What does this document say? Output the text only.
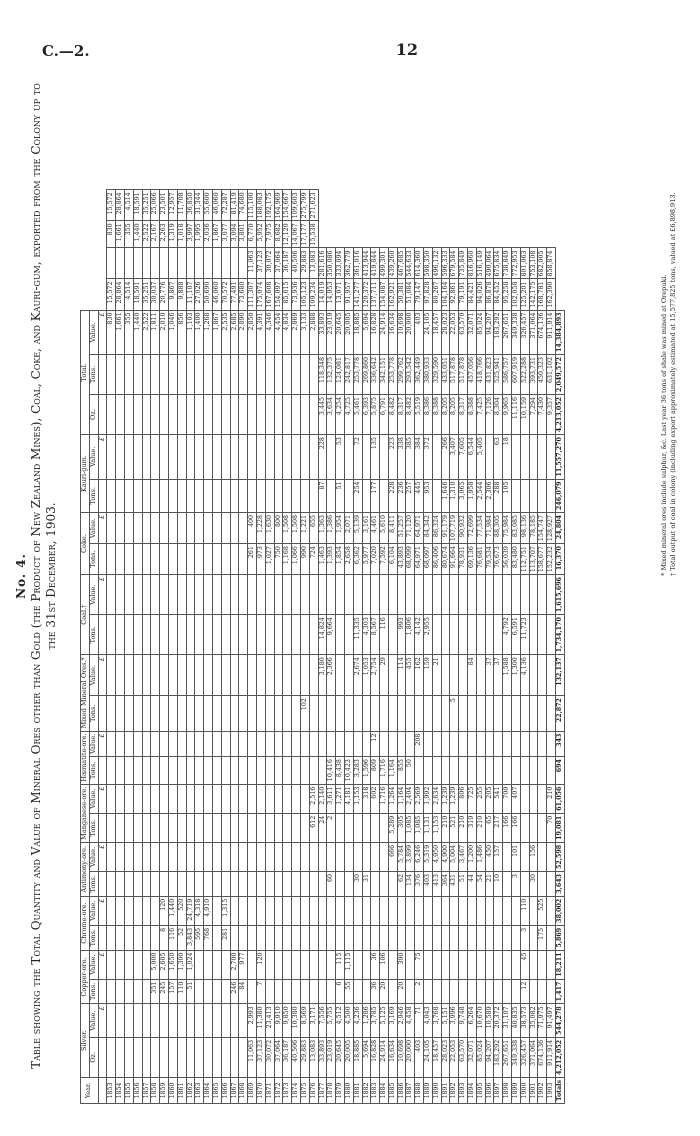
C.—2.	12
No. 4. Table showing the Total Quantity and Value of Mineral Ores other than Gold (the Product of New Zealand Mines), Coal, Coke, and Kauri-gum, exported from the Colony up to the 31st December, 1903.
Year.	Silver.		Copper-ore.		Chrome-ore.		Antimony-ore.		Manganese-ore.		Hæmatite-ore.		Mixed Mineral Ores.*		Coal.†		Coke.		Kauri-gum.		Total.						
	Oz.	Value.	Tons.	Value.	Tons.	Value.	Tons.	Value.	Tons.	Value.	Tons.	Value.	Tons.	Value.	Tons.	Value.	Tons.	Value.	Tons.	Value.	Oz.	Tons.	Value.				
		£		£		£		£		£		£		£		£		£		£			£				
1853																							830	15,572		830	15,572
1854																							1,661	28,864		1,661	28,864
1855																							355	4,514		355	4,514
1856																							1,440	18,591		1,440	18,591
1857																							2,522	35,251		2,522	35,251
1858			351	5,000																			1,811	30,037		2,167	25,066
1859			245	2,605	8	120																	2,010	20,776		2,263	23,501
1860			157	1,650	116	1,440																	1,046	9,867		1,319	12,957
1861			110	1,300	52	520																	856	9,888		1,018	11,708
1862			51	1,024	3,843	24,719																	1,103	11,107		3,997	36,850
1863					595	4,318																	1,400	27,026		1,995	31,344
1864					768	4,910																	1,268	50,690		2,036	55,600
1865																							1,867	46,060		1,867	46,060
1866					281	1,315																	2,535	70,572		3,077	72,287
1867			246	2,700																			2,685	77,491		3,094	81,419
1868			84	977																			2,890	73,680		3,801	74,680
1869	11,063	2,993															261	400					2,850	111,307	11,063	6,770	115,100
1870	37,123	11,380	7	120													973	1,228					4,391	175,074	37,123	5,952	188,083
1871	30,072	23,413															1,027	1,630					4,346	167,608	30,072	7,975	192,175
1872	37,064	9,910															750	800					4,454	154,097	37,064	8,682	164,969
1873	36,187	9,850															1,168	1,508					4,834	85,615	36,187	12,120	154,667
1874	40,506	10,380															1,066	1,508					2,869	73,936	40,506	14,067	109,603
1875	29,883	8,569											102				990	1,221					3,133	105,123	29,883	17,177	275,799
1876	13,083	3,171							612	2,516							724	655					2,888	109,234	13,083	15,538	271,623
1877	33,893	7,556							24	2,140				3,180	14,824		1,463	1,363	87	228	3,445	118,348	33,893	14,019	281,616		
1878	23,019	5,755					60		2	3,611	10,416			2,366	9,664		1,393	1,386			3,634	132,375	23,019	14,953	350,086		
1879	20,645	4,512	6	115						1,271	8,438						1,854	1,954	51	53	4,254	124,081	20,645	13,071	333,094		
1880	20,005	4,500	55	1,115						4,181	10,423						2,658	2,071			4,725	242,817	20,005	91,957	362,779		
1881	18,885	4,236					30			1,153	3,283			2,674	11,335		6,362	5,139	254	72	5,461	253,778	18,885	141,277	361,016		
1882	5,694	1,286					31			318	1,596			1,053	4,303		5,977	3,161			6,393	269,860	5,694	120,372	413,944		
1883	16,828	3,785	36	36						602	809	12		2,754	8,567		7,020	4,461	177	135	5,875	336,642	16,828	137,711	419,844		
1884	24,914	5,125	20	106						1,716	1,716			29	116		7,592	5,610			6,791	342,151	24,914	154,087	499,301		
1885	16,634	3,169						666	5,289	1,264	1,164						6,104	8,411	228	223	8,482	253,778	16,634	162,921	439,260		
1886	10,698	2,946	20	390			62	5,784	305	1,164	855			114	993		43,893	51,257	236	338	8,317	299,762	10,698	50,381	467,685		
1887	20,000	4,458					134	3,899	1,085	2,404	50			455	1,806		68,099	71,120	257	385	8,482	293,542	20,000	51,084	544,633		
1888	403	71	2	75			376	6,246	1,085	2,569		208		162	4,142		64,971	64,971	445	384	5,519	362,449	403	79,147	614,360		
1889	24,105	4,043					403	5,319	1,131	1,992				159	2,955		68,097	84,342	953	372	8,386	380,933	24,105	97,828	598,350		
1890	18,457	3,768					413	4,950	1,153	2,634				21			86,406	86,324			8,388	329,590	18,457	80,267	496,132		
1891	28,023	5,151					364	4,900	210	1,239							80,674	91,179	1,646	266	8,205	433,051	28,023	104,164	596,333		
1892	22,053	3,996					431	5,004	521	1,239			5				91,664	107,719	1,310	3,407	8,205	517,878	22,053	92,861	679,584		
1893	63,570	9,748					51	3,467	210	806							78,931	90,932	3,065	7,605	8,317	517,878	63,570	79,191	735,849		
1894	32,071	6,264					44	1,200	319	725				84			69,136	72,699	1,958	6,544	8,388	457,056	32,071	84,421	816,960		
1895	85,024	10,670					54	1,486	210	255							76,681	77,534	2,544	5,405	7,425	418,766	85,024	94,026	516,149		
1896	94,207	10,589					21	450	65	205				37			79,534	71,984	2,306		7,126	431,823	94,207	86,878	490,064		
1897	183,292	20,372					10	157	217	541				37			76,673	88,305	288	63	8,304	525,941	183,292	84,452	675,834		
1898	267,651	31,107							166	700				1,588	4,792		56,039	75,984	105	18	9,965	586,757	267,651	95,258	738,849		
1899	349,338	40,835					3	101	166	407				1,300	6,591		83,480	83,085			11,116	607,919	349,338	102,058	772,953		
1900	326,457	38,573	12	45	3	110								4,136	11,723		112,751	98,136			10,159	522,288	326,457	125,201	801,063		
1901	371,064	35,082					30	156									113,707	78,185			7,294	393,731	371,064	142,175	753,108		
1902	674,136	71,975			175	525											158,677	154,747			7,430	450,323	674,136	168,781	682,005		
1903	911,914	91,497							70	210							152,232	128,927			9,357	631,102	911,914	162,390	858,874		
Totals	4,212,052	544,278	1,417	18,211	5,869	38,002	3,643	52,598	19,081	61,056	694	343	22,872	132,137	1,734,170	1,615,696	16,370	24,804	246,079	11,557,270	4,213,052	2,049,572	14,384,893					* Mixed mineral ores include sulphur, &c. Last year 36 tons of shale was mined at Orepuki. † Total output of coal in colony (including export approximately estimated at 15,577,825 tons, valued at £6,898,913.
